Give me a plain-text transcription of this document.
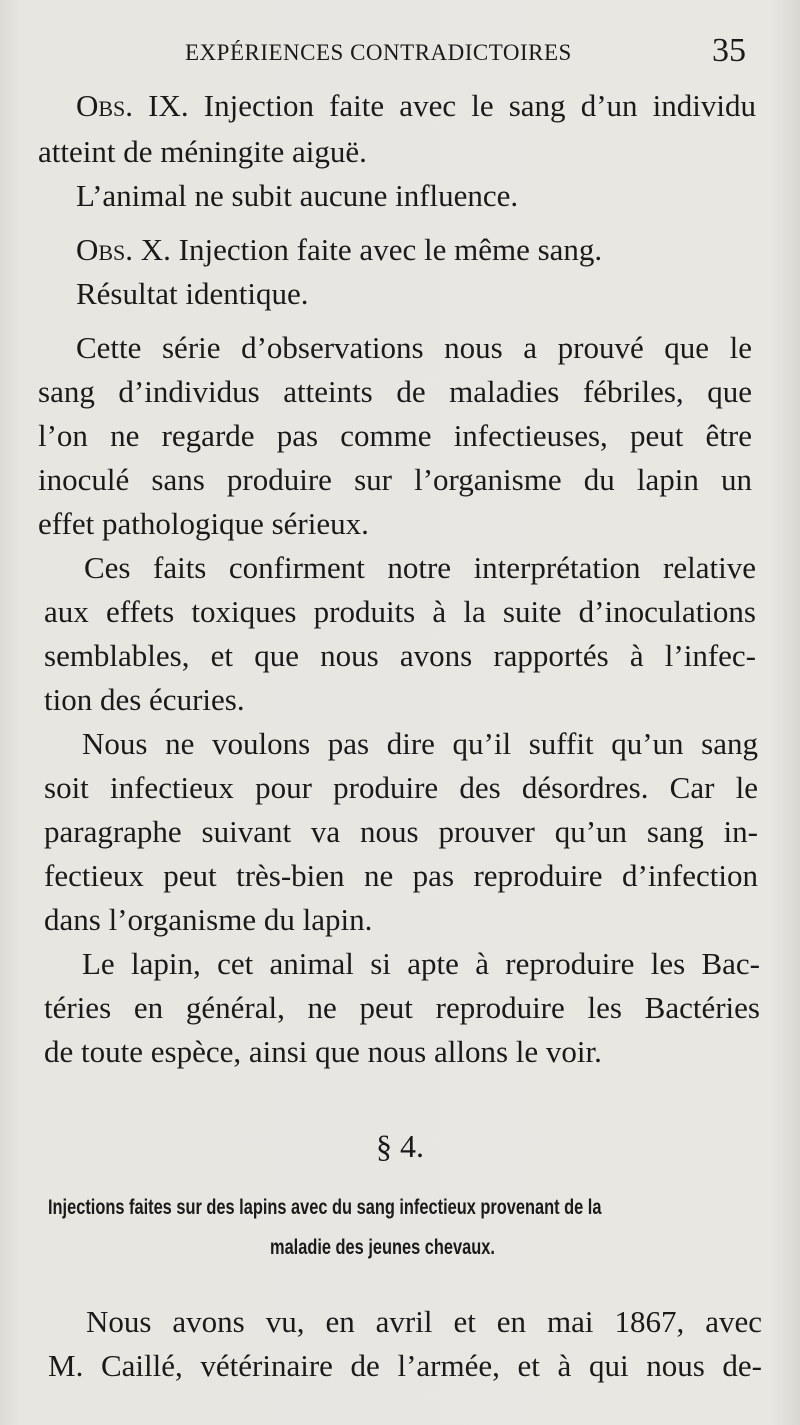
EXPÉRIENCES CONTRADICTOIRES	35
Obs. IX. Injection faite avec le sang d’un individu
atteint de méningite aiguë.
L’animal ne subit aucune influence.
Obs. X. Injection faite avec le même sang.
Résultat identique.
Cette série d’observations nous a prouvé que le
sang d’individus atteints de maladies fébriles, que
l’on ne regarde pas comme infectieuses, peut être
inoculé sans produire sur l’organisme du lapin un
effet pathologique sérieux.
Ces faits confirment notre interprétation relative
aux effets toxiques produits à la suite d’inoculations
semblables, et que nous avons rapportés à l’infec-
tion des écuries.
Nous ne voulons pas dire qu’il suffit qu’un sang
soit infectieux pour produire des désordres. Car le
paragraphe suivant va nous prouver qu’un sang in-
fectieux peut très-bien ne pas reproduire d’infection
dans l’organisme du lapin.
Le lapin, cet animal si apte à reproduire les Bac-
téries en général, ne peut reproduire les Bactéries
de toute espèce, ainsi que nous allons le voir.
§ 4.
Injections faites sur des lapins avec du sang infectieux provenant de la
maladie des jeunes chevaux.
Nous avons vu, en avril et en mai 1867, avec
M. Caillé, vétérinaire de l’armée, et à qui nous de-
